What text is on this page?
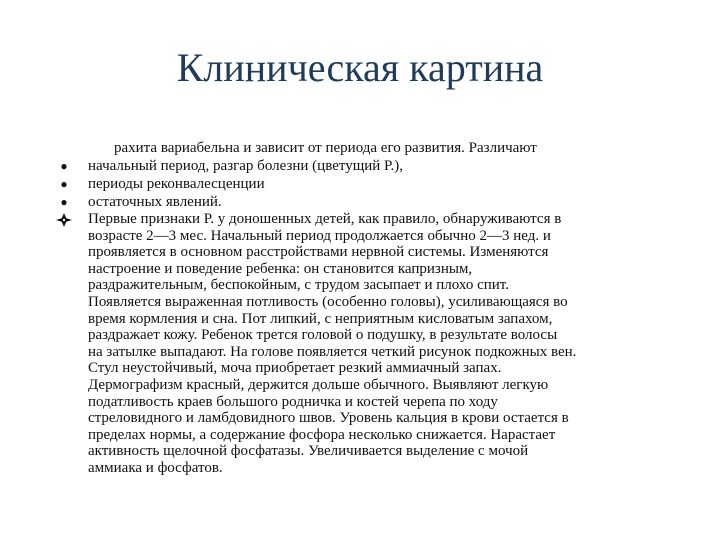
Клиническая картина
рахита вариабельна и зависит от периода его развития. Различают
● начальный период, разгар болезни (цветущий Р.),
● периоды реконвалесценции
● остаточных явлений.
Первые признаки Р. у доношенных детей, как правило, обнаруживаются в
возрасте 2—3 мес. Начальный период продолжается обычно 2—3 нед. и
проявляется в основном расстройствами нервной системы. Изменяются
настроение и поведение ребенка: он становится капризным,
раздражительным, беспокойным, с трудом засыпает и плохо спит.
Появляется выраженная потливость (особенно головы), усиливающаяся во
время кормления и сна. Пот липкий, с неприятным кисловатым запахом,
раздражает кожу. Ребенок трется головой о подушку, в результате волосы
на затылке выпадают. На голове появляется четкий рисунок подкожных вен.
Стул неустойчивый, моча приобретает резкий аммиачный запах.
Дермографизм красный, держится дольше обычного. Выявляют легкую
податливость краев большого родничка и костей черепа по ходу
стреловидного и ламбдовидного швов. Уровень кальция в крови остается в
пределах нормы, а содержание фосфора несколько снижается. Нарастает
активность щелочной фосфатазы. Увеличивается выделение с мочой
аммиака и фосфатов.
